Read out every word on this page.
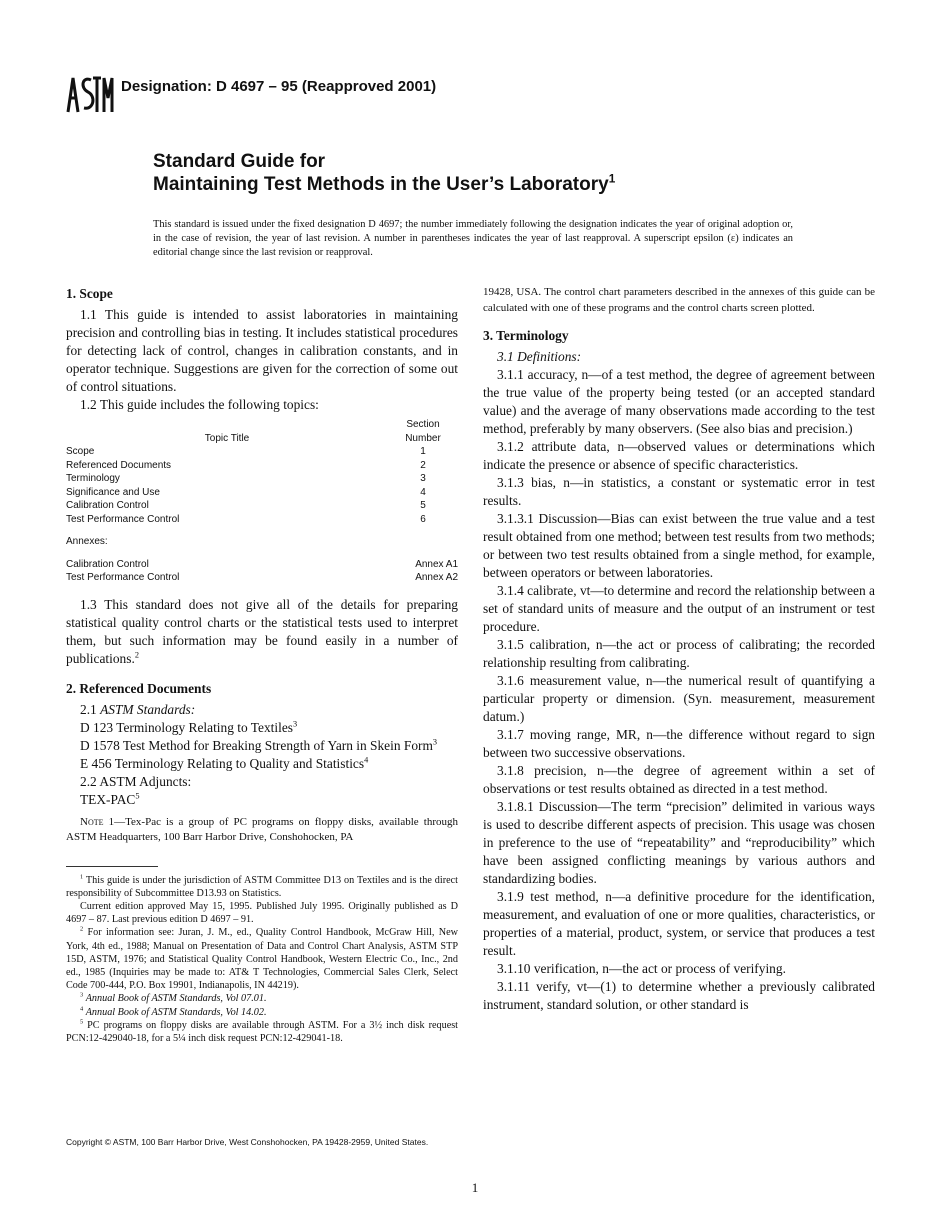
Designation: D 4697 – 95 (Reapproved 2001)
Standard Guide for
Maintaining Test Methods in the User’s Laboratory$^1$
This standard is issued under the fixed designation D 4697; the number immediately following the designation indicates the year of original adoption or, in the case of revision, the year of last revision. A number in parentheses indicates the year of last reapproval. A superscript epsilon (ε) indicates an editorial change since the last revision or reapproval.

1. Scope

1.1 This guide is intended to assist laboratories in maintaining precision and controlling bias in testing. It includes statistical procedures for detecting lack of control, changes in calibration constants, and in operator technique. Suggestions are given for the correction of some out of control situations.

1.2 This guide includes the following topics:

	Section
Topic Title	Number
Scope	1
Referenced Documents	2
Terminology	3
Significance and Use	4
Calibration Control	5
Test Performance Control	6

Annexes:	

Calibration Control	Annex A1
Test Performance Control	Annex A2

1.3 This standard does not give all of the details for preparing statistical quality control charts or the statistical tests used to interpret them, but such information may be found easily in a number of publications.$^2$

2. Referenced Documents

2.1 ASTM Standards:

D 123 Terminology Relating to Textiles$^3$

D 1578 Test Method for Breaking Strength of Yarn in Skein Form$^3$

E 456 Terminology Relating to Quality and Statistics$^4$

2.2 ASTM Adjuncts:

TEX-PAC$^5$

Note 1—Tex-Pac is a group of PC programs on floppy disks, available through ASTM Headquarters, 100 Barr Harbor Drive, Conshohocken, PA

$^1$ This guide is under the jurisdiction of ASTM Committee D13 on Textiles and is the direct responsibility of Subcommittee D13.93 on Statistics.

Current edition approved May 15, 1995. Published July 1995. Originally published as D 4697 – 87. Last previous edition D 4697 – 91.

$^2$ For information see: Juran, J. M., ed., Quality Control Handbook, McGraw Hill, New York, 4th ed., 1988; Manual on Presentation of Data and Control Chart Analysis, ASTM STP 15D, ASTM, 1976; and Statistical Quality Control Handbook, Western Electric Co., Inc., 2nd ed., 1985 (Inquiries may be made to: AT& T Technologies, Commercial Sales Clerk, Select Code 700-444, P.O. Box 19901, Indianapolis, IN 44219).

$^3$ Annual Book of ASTM Standards, Vol 07.01.

$^4$ Annual Book of ASTM Standards, Vol 14.02.

$^5$ PC programs on floppy disks are available through ASTM. For a 3½ inch disk request PCN:12-429040-18, for a 5¼ inch disk request PCN:12-429041-18.

19428, USA. The control chart parameters described in the annexes of this guide can be calculated with one of these programs and the control charts screen plotted.

3. Terminology

3.1 Definitions:

3.1.1 accuracy, n—of a test method, the degree of agreement between the true value of the property being tested (or an accepted standard value) and the average of many observations made according to the test method, preferably by many observers. (See also bias and precision.)

3.1.2 attribute data, n—observed values or determinations which indicate the presence or absence of specific characteristics.

3.1.3 bias, n—in statistics, a constant or systematic error in test results.

3.1.3.1 Discussion—Bias can exist between the true value and a test result obtained from one method; between test results from two methods; or between two test results obtained from a single method, for example, between operators or between laboratories.

3.1.4 calibrate, vt—to determine and record the relationship between a set of standard units of measure and the output of an instrument or test procedure.

3.1.5 calibration, n—the act or process of calibrating; the recorded relationship resulting from calibrating.

3.1.6 measurement value, n—the numerical result of quantifying a particular property or dimension. (Syn. measurement, measurement datum.)

3.1.7 moving range, MR, n—the difference without regard to sign between two successive observations.

3.1.8 precision, n—the degree of agreement within a set of observations or test results obtained as directed in a test method.

3.1.8.1 Discussion—The term “precision” delimited in various ways is used to describe different aspects of precision. This usage was chosen in preference to the use of “repeatability” and “reproducibility” which have been assigned conflicting meanings by various authors and standardizing bodies.

3.1.9 test method, n—a definitive procedure for the identification, measurement, and evaluation of one or more qualities, characteristics, or properties of a material, product, system, or service that produces a test result.

3.1.10 verification, n—the act or process of verifying.

3.1.11 verify, vt—(1) to determine whether a previously calibrated instrument, standard solution, or other standard is

Copyright © ASTM, 100 Barr Harbor Drive, West Conshohocken, PA 19428-2959, United States.
1
